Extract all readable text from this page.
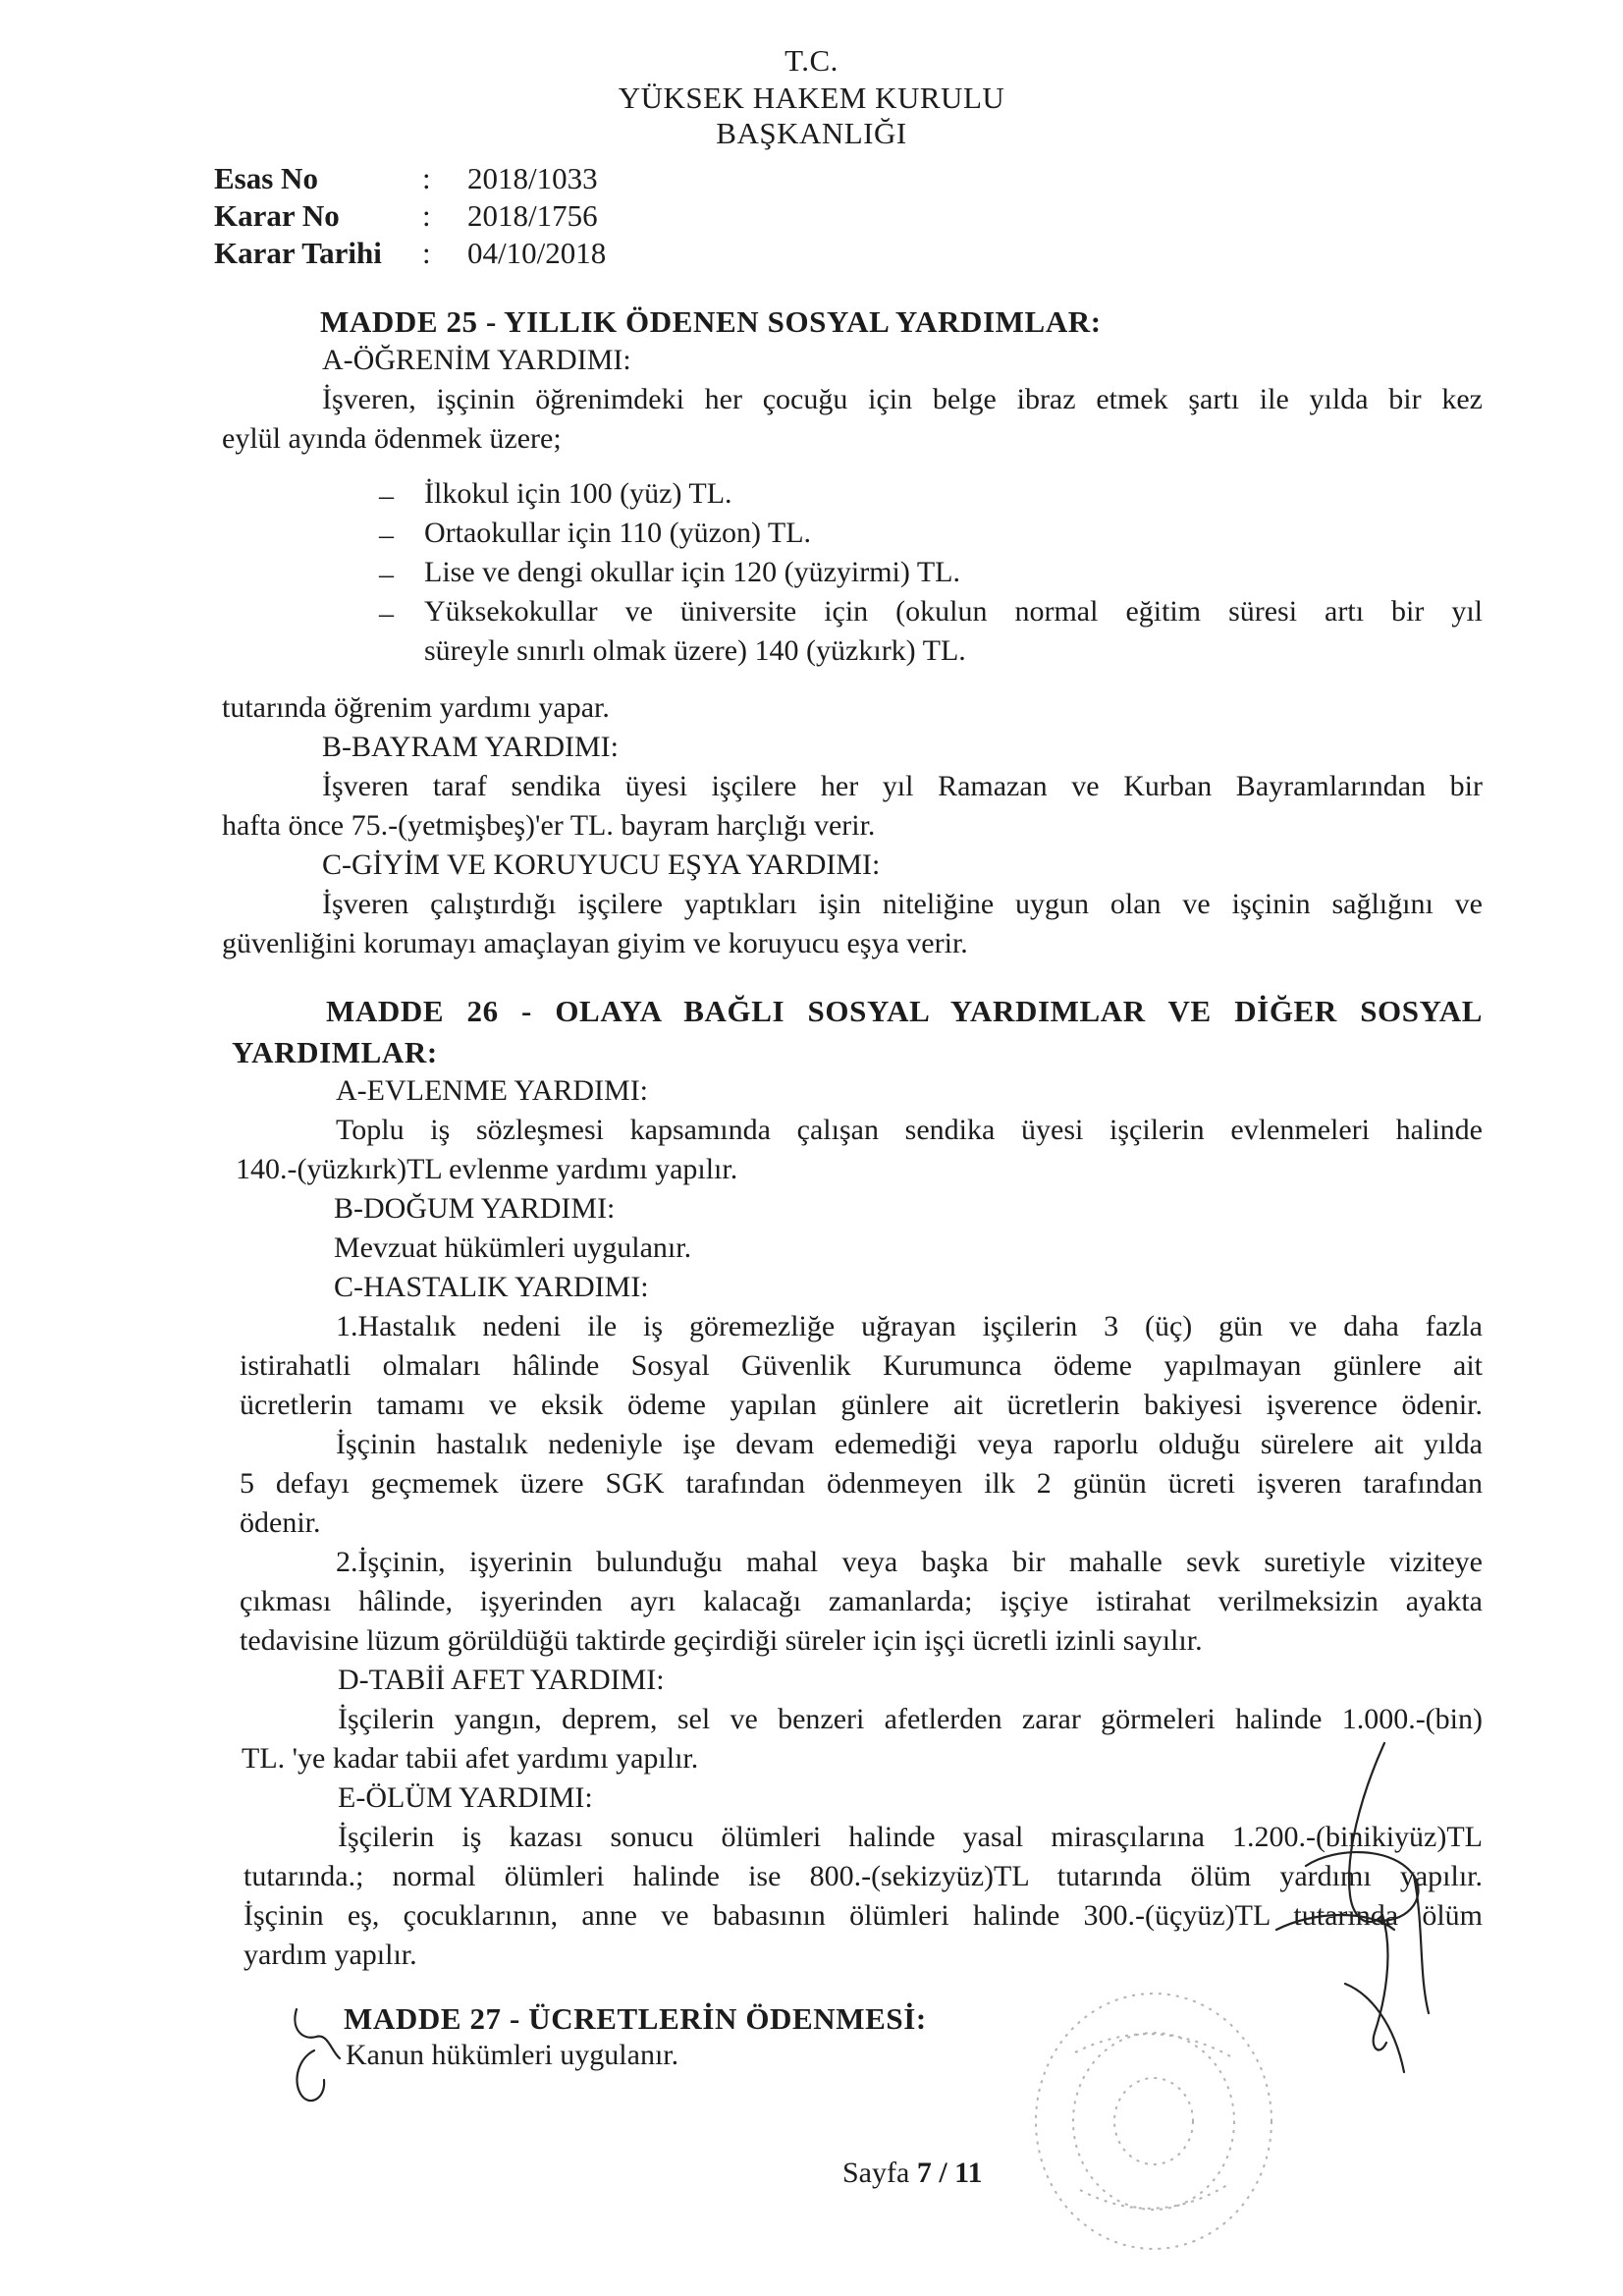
T.C.
YÜKSEK HAKEM KURULU
BAŞKANLIĞI
Esas No	: 2018/1033
Karar No	: 2018/1756
Karar Tarihi : 04/10/2018
MADDE 25 - YILLIK ÖDENEN SOSYAL YARDIMLAR:
A-ÖĞRENİM YARDIMI:
İşveren, işçinin öğrenimdeki her çocuğu için belge ibraz etmek şartı ile yılda bir kez
eylül ayında ödenmek üzere;
– İlkokul için 100 (yüz) TL.
– Ortaokullar için 110 (yüzon) TL.
– Lise ve dengi okullar için 120 (yüzyirmi) TL.
– Yüksekokullar ve üniversite için (okulun normal eğitim süresi artı bir yıl
süreyle sınırlı olmak üzere) 140 (yüzkırk) TL.
tutarında öğrenim yardımı yapar.
B-BAYRAM YARDIMI:
İşveren taraf sendika üyesi işçilere her yıl Ramazan ve Kurban Bayramlarından bir
hafta önce 75.-(yetmişbeş)'er TL. bayram harçlığı verir.
C-GİYİM VE KORUYUCU EŞYA YARDIMI:
İşveren çalıştırdığı işçilere yaptıkları işin niteliğine uygun olan ve işçinin sağlığını ve
güvenliğini korumayı amaçlayan giyim ve koruyucu eşya verir.
MADDE 26 - OLAYA BAĞLI SOSYAL YARDIMLAR VE DİĞER SOSYAL
YARDIMLAR:
A-EVLENME YARDIMI:
Toplu iş sözleşmesi kapsamında çalışan sendika üyesi işçilerin evlenmeleri halinde
140.-(yüzkırk)TL evlenme yardımı yapılır.
B-DOĞUM YARDIMI:
Mevzuat hükümleri uygulanır.
C-HASTALIK YARDIMI:
1.Hastalık nedeni ile iş göremezliğe uğrayan işçilerin 3 (üç) gün ve daha fazla
istirahatli olmaları hâlinde Sosyal Güvenlik Kurumunca ödeme yapılmayan günlere ait
ücretlerin tamamı ve eksik ödeme yapılan günlere ait ücretlerin bakiyesi işverence ödenir.
İşçinin hastalık nedeniyle işe devam edemediği veya raporlu olduğu sürelere ait yılda
5 defayı geçmemek üzere SGK tarafından ödenmeyen ilk 2 günün ücreti işveren tarafından
ödenir.
2.İşçinin, işyerinin bulunduğu mahal veya başka bir mahalle sevk suretiyle viziteye
çıkması hâlinde, işyerinden ayrı kalacağı zamanlarda; işçiye istirahat verilmeksizin ayakta
tedavisine lüzum görüldüğü taktirde geçirdiği süreler için işçi ücretli izinli sayılır.
D-TABİİ AFET YARDIMI:
İşçilerin yangın, deprem, sel ve benzeri afetlerden zarar görmeleri halinde 1.000.-(bin)
TL. 'ye kadar tabii afet yardımı yapılır.
E-ÖLÜM YARDIMI:
İşçilerin iş kazası sonucu ölümleri halinde yasal mirasçılarına 1.200.-(binikiyüz)TL
tutarında.; normal ölümleri halinde ise 800.-(sekizyüz)TL tutarında ölüm yardımı yapılır.
İşçinin eş, çocuklarının, anne ve babasının ölümleri halinde 300.-(üçyüz)TL tutarında ölüm
yardım yapılır.
MADDE 27 - ÜCRETLERİN ÖDENMESİ:
Kanun hükümleri uygulanır.
Sayfa 7 / 11
